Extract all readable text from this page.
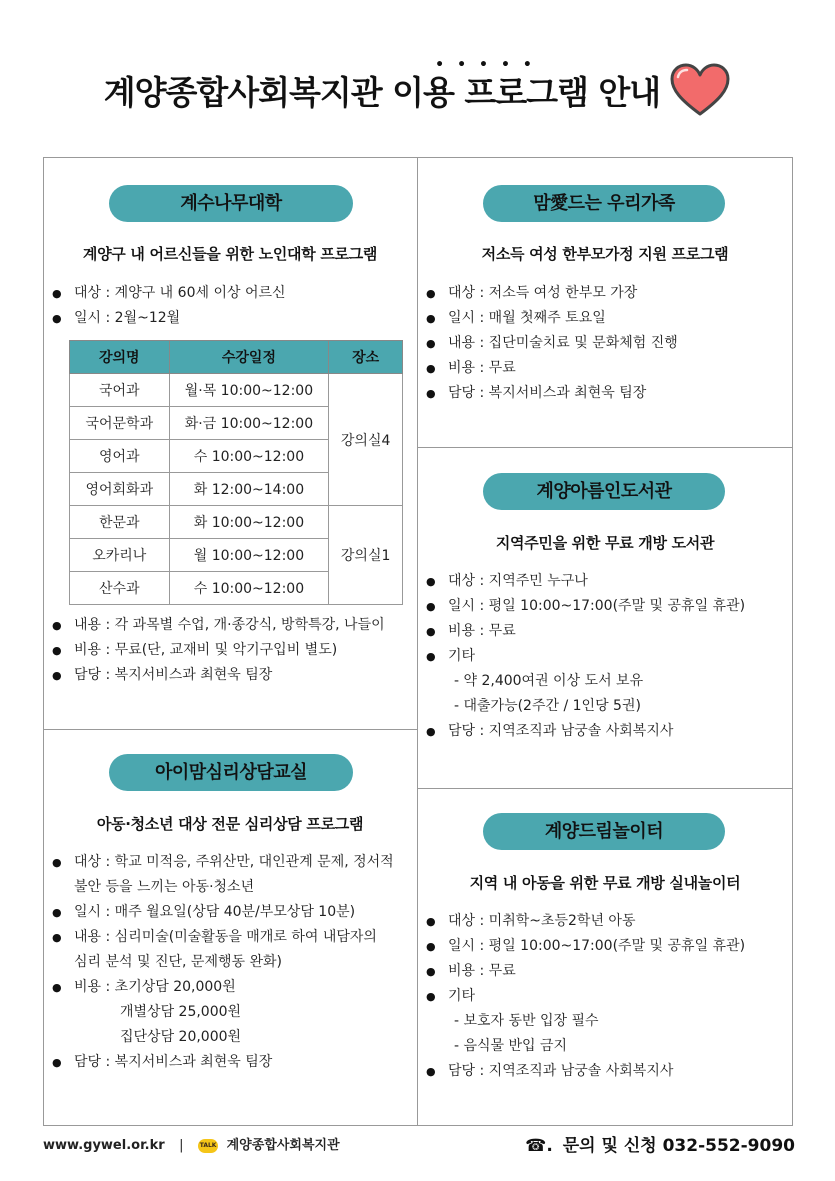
계양종합사회복지관
•••••
이용 프로그램 안내
계수나무대학
계양구 내 어르신들을 위한 노인대학 프로그램
● 대상 : 계양구 내 60세 이상 어르신
● 일시 : 2월~12월
강의명	수강일정	장소
국어과	월·목 10:00~12:00	강의실4
국어문학과	화·금 10:00~12:00	
영어과	수 10:00~12:00	
영어회화과	화 12:00~14:00	
한문과	화 10:00~12:00	강의실1
오카리나	월 10:00~12:00	
산수과	수 10:00~12:00	
● 내용 : 각 과목별 수업, 개·종강식, 방학특강, 나들이
● 비용 : 무료(단, 교재비 및 악기구입비 별도)
● 담당 : 복지서비스과 최현욱 팀장
맘愛드는 우리가족
저소득 여성 한부모가정 지원 프로그램
● 대상 : 저소득 여성 한부모 가장
● 일시 : 매월 첫째주 토요일
● 내용 : 집단미술치료 및 문화체험 진행
● 비용 : 무료
● 담당 : 복지서비스과 최현욱 팀장
계양아름인도서관
지역주민을 위한 무료 개방 도서관
● 대상 : 지역주민 누구나
● 일시 : 평일 10:00~17:00(주말 및 공휴일 휴관)
● 비용 : 무료
● 기타
- 약 2,400여권 이상 도서 보유
- 대출가능(2주간 / 1인당 5권)
● 담당 : 지역조직과 남궁솔 사회복지사
아이맘심리상담교실
아동·청소년 대상 전문 심리상담 프로그램
● 대상 : 학교 미적응, 주위산만, 대인관계 문제, 정서적
불안 등을 느끼는 아동·청소년
● 일시 : 매주 월요일(상담 40분/부모상담 10분)
● 내용 : 심리미술(미술활동을 매개로 하여 내담자의
심리 분석 및 진단, 문제행동 완화)
● 비용 : 초기상담 20,000원
개별상담 25,000원
집단상담 20,000원
● 담당 : 복지서비스과 최현욱 팀장
계양드림놀이터
지역 내 아동을 위한 무료 개방 실내놀이터
● 대상 : 미취학~초등2학년 아동
● 일시 : 평일 10:00~17:00(주말 및 공휴일 휴관)
● 비용 : 무료
● 기타
- 보호자 동반 입장 필수
- 음식물 반입 금지
● 담당 : 지역조직과 남궁솔 사회복지사
www.gywel.or.kr |	TALK 계양종합사회복지관	☎. 문의 및 신청 032-552-9090
